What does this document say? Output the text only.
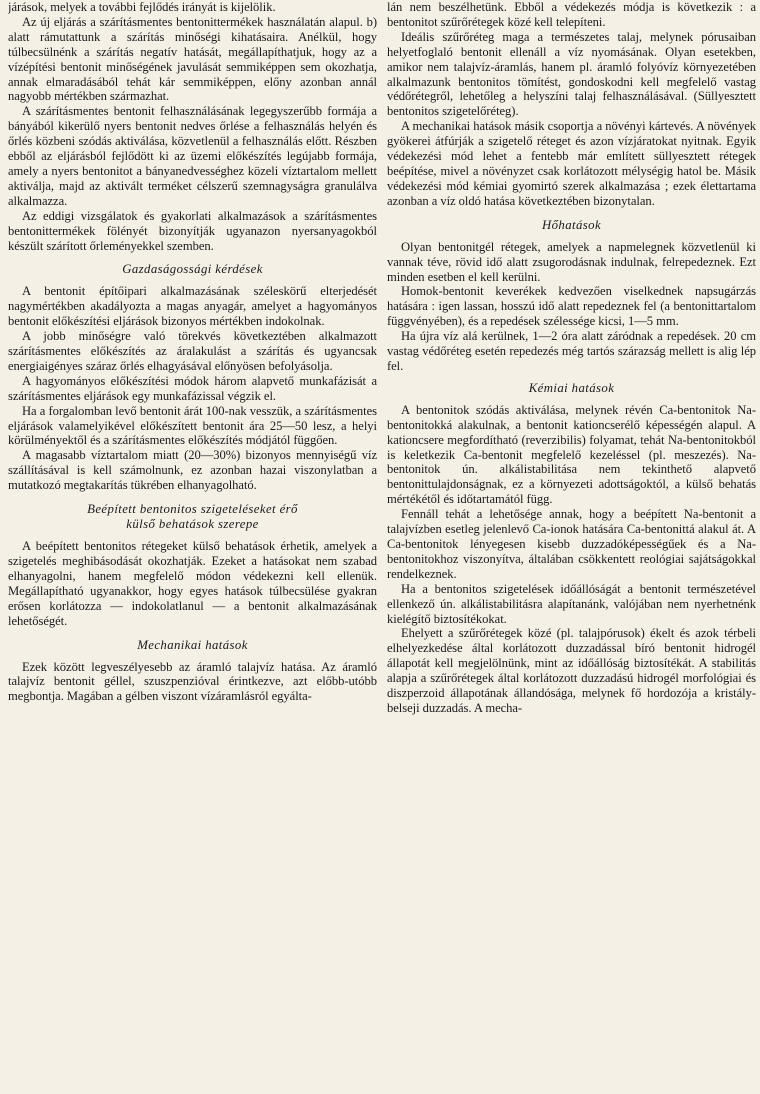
járások, melyek a további fejlődés irányát is kijelölik.

Az új eljárás a szárításmentes bentonittermékek használatán alapul. b) alatt rámutattunk a szárítás minőségi kihatásaira. Anélkül, hogy túlbecsülnénk a szárítás negatív hatását, megállapíthatjuk, hogy az a vízépítési bentonit minőségének javulását semmiképpen sem okozhatja, annak elmaradásából tehát kár semmiképpen, előny azonban annál nagyobb mértékben származhat.

A szárításmentes bentonit felhasználásának legegyszerűbb formája a bányából kikerülő nyers bentonit nedves őrlése a felhasználás helyén és őrlés közbeni szódás aktiválása, közvetlenül a felhasználás előtt. Részben ebből az eljárásból fejlődött ki az üzemi előkészítés legújabb formája, amely a nyers bentonitot a bányanedvességhez közeli víztartalom mellett aktiválja, majd az aktivált terméket célszerű szemnagyságra granulálva alkalmazza.

Az eddigi vizsgálatok és gyakorlati alkalmazások a szárításmentes bentonittermékek fölényét bizonyítják ugyanazon nyersanyagokból készült szárított őrleményekkel szemben.

Gazdaságossági kérdések

A bentonit építőipari alkalmazásának széleskörű elterjedését nagymértékben akadályozta a magas anyagár, amelyet a hagyományos bentonit előkészítési eljárások bizonyos mértékben indokolnak.

A jobb minőségre való törekvés következtében alkalmazott szárításmentes előkészítés az áralakulást a szárítás és ugyancsak energiaigényes száraz őrlés elhagyásával előnyösen befolyásolja.

A hagyományos előkészítési módok három alapvető munkafázisát a szárításmentes eljárások egy munkafázissal végzik el.

Ha a forgalomban levő bentonit árát 100-nak vesszük, a szárításmentes eljárások valamelyikével előkészített bentonit ára 25—50 lesz, a helyi körülményektől és a szárításmentes előkészítés módjától függően.

A magasabb víztartalom miatt (20—30%) bizonyos mennyiségű víz szállításával is kell számolnunk, ez azonban hazai viszonylatban a mutatkozó megtakarítás tükrében elhanyagolható.

Beépített bentonitos szigeteléseket érő
külső behatások szerepe

A beépített bentonitos rétegeket külső behatások érhetik, amelyek a szigetelés meghibásodását okozhatják. Ezeket a hatásokat nem szabad elhanyagolni, hanem megfelelő módon védekezni kell ellenük. Megállapítható ugyanakkor, hogy egyes hatások túlbecsülése gyakran erősen korlátozza — indokolatlanul — a bentonit alkalmazásának lehetőségét.

Mechanikai hatások

Ezek között legveszélyesebb az áramló talajvíz hatása. Az áramló talajvíz bentonit géllel, szuszpenzióval érintkezve, azt előbb-utóbb megbontja. Magában a gélben viszont vízáramlásról egyálta-

lán nem beszélhetünk. Ebből a védekezés módja is következik : a bentonitot szűrőrétegek közé kell telepíteni.

Ideális szűrőréteg maga a természetes talaj, melynek pórusaiban helyetfoglaló bentonit ellenáll a víz nyomásának. Olyan esetekben, amikor nem talajvíz-áramlás, hanem pl. áramló folyóvíz környezetében alkalmazunk bentonitos tömítést, gondoskodni kell megfelelő vastag védőrétegről, lehetőleg a helyszíni talaj felhasználásával. (Süllyesztett bentonitos szigetelőréteg).

A mechanikai hatások másik csoportja a növényi kártevés. A növények gyökerei átfúrják a szigetelő réteget és azon vízjáratokat nyitnak. Egyik védekezési mód lehet a fentebb már említett süllyesztett rétegek beépítése, mivel a növényzet csak korlátozott mélységig hatol be. Másik védekezési mód kémiai gyomirtó szerek alkalmazása ; ezek élettartama azonban a víz oldó hatása következtében bizonytalan.

Hőhatások

Olyan bentonitgél rétegek, amelyek a napmelegnek közvetlenül ki vannak téve, rövid idő alatt zsugorodásnak indulnak, felrepedeznek. Ezt minden esetben el kell kerülni.

Homok-bentonit keverékek kedvezően viselkednek napsugárzás hatására : igen lassan, hosszú idő alatt repedeznek fel (a bentonittartalom függvényében), és a repedések szélessége kicsi, 1—5 mm.

Ha újra víz alá kerülnek, 1—2 óra alatt záródnak a repedések. 20 cm vastag védőréteg esetén repedezés még tartós szárazság mellett is alig lép fel.

Kémiai hatások

A bentonitok szódás aktiválása, melynek révén Ca-bentonitok Na-bentonitokká alakulnak, a bentonit kationcserélő képességén alapul. A kationcsere megfordítható (reverzibilis) folyamat, tehát Na-bentonitokból is keletkezik Ca-bentonit megfelelő kezeléssel (pl. meszezés). Na-bentonitok ún. alkálistabilitása nem tekinthető alapvető bentonittulajdonságnak, ez a környezeti adottságoktól, a külső behatás mértékétől és időtartamától függ.

Fennáll tehát a lehetősége annak, hogy a beépített Na-bentonit a talajvízben esetleg jelenlevő Ca-ionok hatására Ca-bentonittá alakul át. A Ca-bentonitok lényegesen kisebb duzzadóképességűek és a Na-bentonitokhoz viszonyítva, általában csökkentett reológiai sajátságokkal rendelkeznek.

Ha a bentonitos szigetelések időállóságát a bentonit természetével ellenkező ún. alkálistabilitásra alapítanánk, valójában nem nyerhetnénk kielégítő biztosítékokat.

Ehelyett a szűrőrétegek közé (pl. talajpórusok) ékelt és azok térbeli elhelyezkedése által korlátozott duzzadással bíró bentonit hidrogél állapotát kell megjelölnünk, mint az időállóság biztosítékát. A stabilitás alapja a szűrőrétegek által korlátozott duzzadású hidrogél morfológiai és diszperzoid állapotának állandósága, melynek fő hordozója a kristály-belseji duzzadás. A mecha-
